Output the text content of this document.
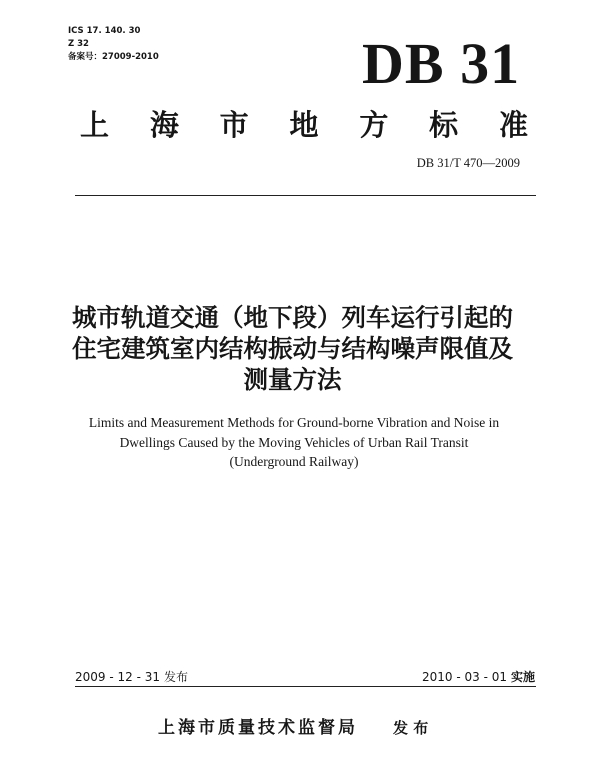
ICS 17. 140. 30
Z 32
备案号：27009-2010	DB 31
上 海 市 地 方 标 准
DB 31/T 470—2009
城市轨道交通（地下段）列车运行引起的
住宅建筑室内结构振动与结构噪声限值及
测量方法
Limits and Measurement Methods for Ground-borne Vibration and Noise in
Dwellings Caused by the Moving Vehicles of Urban Rail Transit
(Underground Railway)
2009 - 12 - 31 发布	2010 - 03 - 01 实施
上海市质量技术监督局 发 布
